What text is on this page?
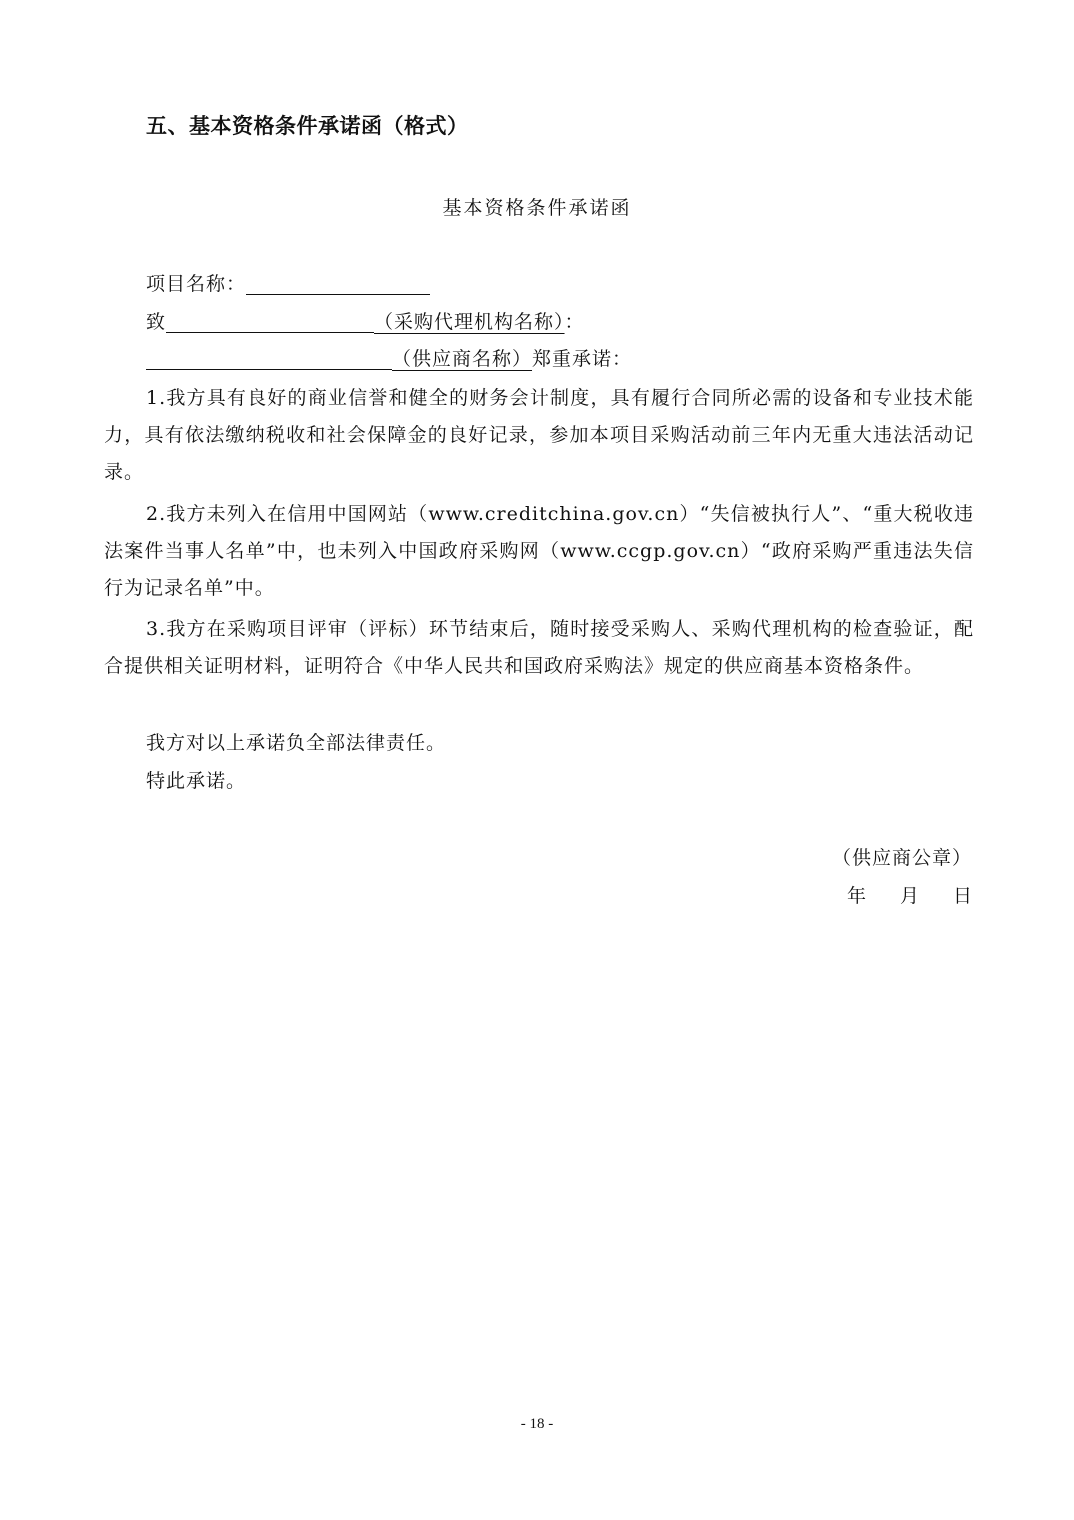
五、基本资格条件承诺函（格式）
基本资格条件承诺函
项目名称：
致	（采购代理机构名称）：
（供应商名称）郑重承诺：
1.我方具有良好的商业信誉和健全的财务会计制度，具有履行合同所必需的设备和专业技术能力，具有依法缴纳税收和社会保障金的良好记录，参加本项目采购活动前三年内无重大违法活动记录。
2.我方未列入在信用中国网站（www.creditchina.gov.cn）“失信被执行人”、“重大税收违法案件当事人名单”中，也未列入中国政府采购网（www.ccgp.gov.cn）“政府采购严重违法失信行为记录名单”中。
3.我方在采购项目评审（评标）环节结束后，随时接受采购人、采购代理机构的检查验证，配合提供相关证明材料，证明符合《中华人民共和国政府采购法》规定的供应商基本资格条件。
我方对以上承诺负全部法律责任。
特此承诺。
（供应商公章）
年 月 日
- 18 -
